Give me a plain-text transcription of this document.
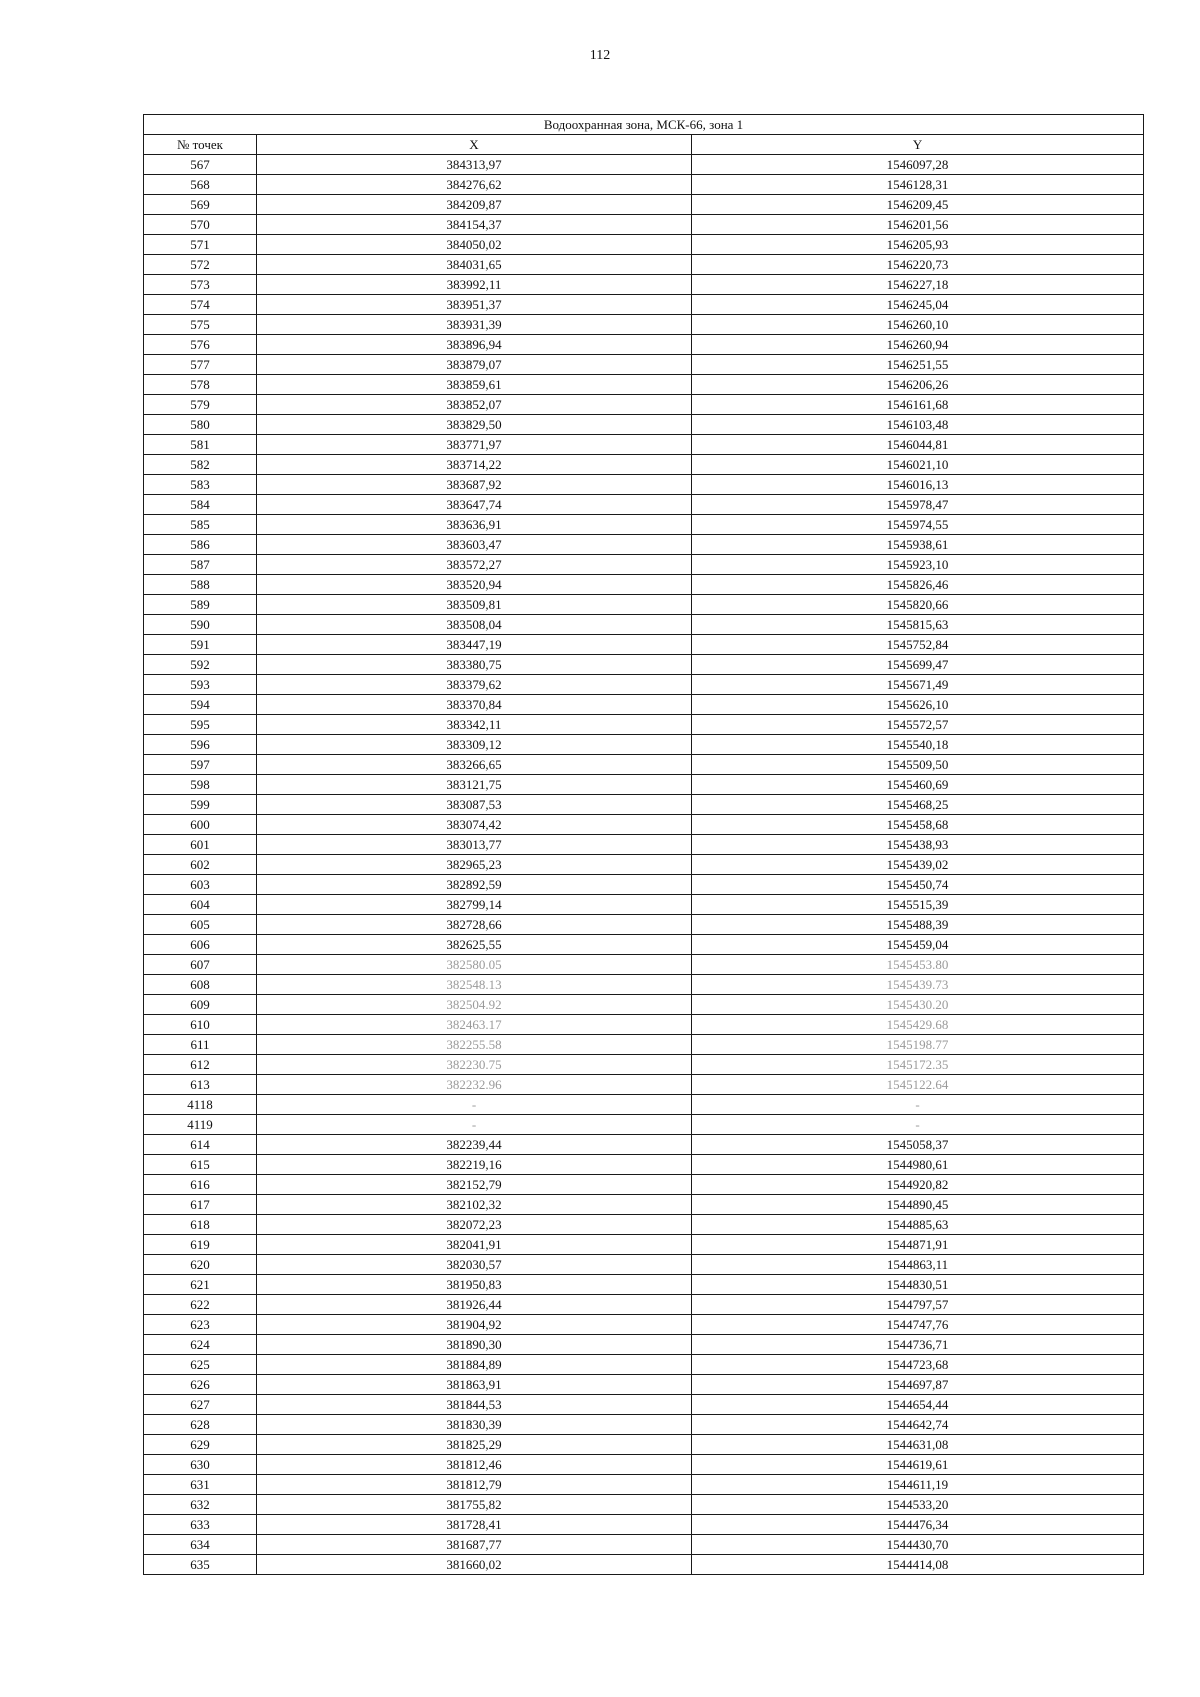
112
Водоохранная зона, МСК-66, зона 1		
№ точек	X	Y
567	384313,97	1546097,28
568	384276,62	1546128,31
569	384209,87	1546209,45
570	384154,37	1546201,56
571	384050,02	1546205,93
572	384031,65	1546220,73
573	383992,11	1546227,18
574	383951,37	1546245,04
575	383931,39	1546260,10
576	383896,94	1546260,94
577	383879,07	1546251,55
578	383859,61	1546206,26
579	383852,07	1546161,68
580	383829,50	1546103,48
581	383771,97	1546044,81
582	383714,22	1546021,10
583	383687,92	1546016,13
584	383647,74	1545978,47
585	383636,91	1545974,55
586	383603,47	1545938,61
587	383572,27	1545923,10
588	383520,94	1545826,46
589	383509,81	1545820,66
590	383508,04	1545815,63
591	383447,19	1545752,84
592	383380,75	1545699,47
593	383379,62	1545671,49
594	383370,84	1545626,10
595	383342,11	1545572,57
596	383309,12	1545540,18
597	383266,65	1545509,50
598	383121,75	1545460,69
599	383087,53	1545468,25
600	383074,42	1545458,68
601	383013,77	1545438,93
602	382965,23	1545439,02
603	382892,59	1545450,74
604	382799,14	1545515,39
605	382728,66	1545488,39
606	382625,55	1545459,04
607	382580.05	1545453.80
608	382548.13	1545439.73
609	382504.92	1545430.20
610	382463.17	1545429.68
611	382255.58	1545198.77
612	382230.75	1545172.35
613	382232.96	1545122.64
4118	-	-
4119	-	-
614	382239,44	1545058,37
615	382219,16	1544980,61
616	382152,79	1544920,82
617	382102,32	1544890,45
618	382072,23	1544885,63
619	382041,91	1544871,91
620	382030,57	1544863,11
621	381950,83	1544830,51
622	381926,44	1544797,57
623	381904,92	1544747,76
624	381890,30	1544736,71
625	381884,89	1544723,68
626	381863,91	1544697,87
627	381844,53	1544654,44
628	381830,39	1544642,74
629	381825,29	1544631,08
630	381812,46	1544619,61
631	381812,79	1544611,19
632	381755,82	1544533,20
633	381728,41	1544476,34
634	381687,77	1544430,70
635	381660,02	1544414,08
